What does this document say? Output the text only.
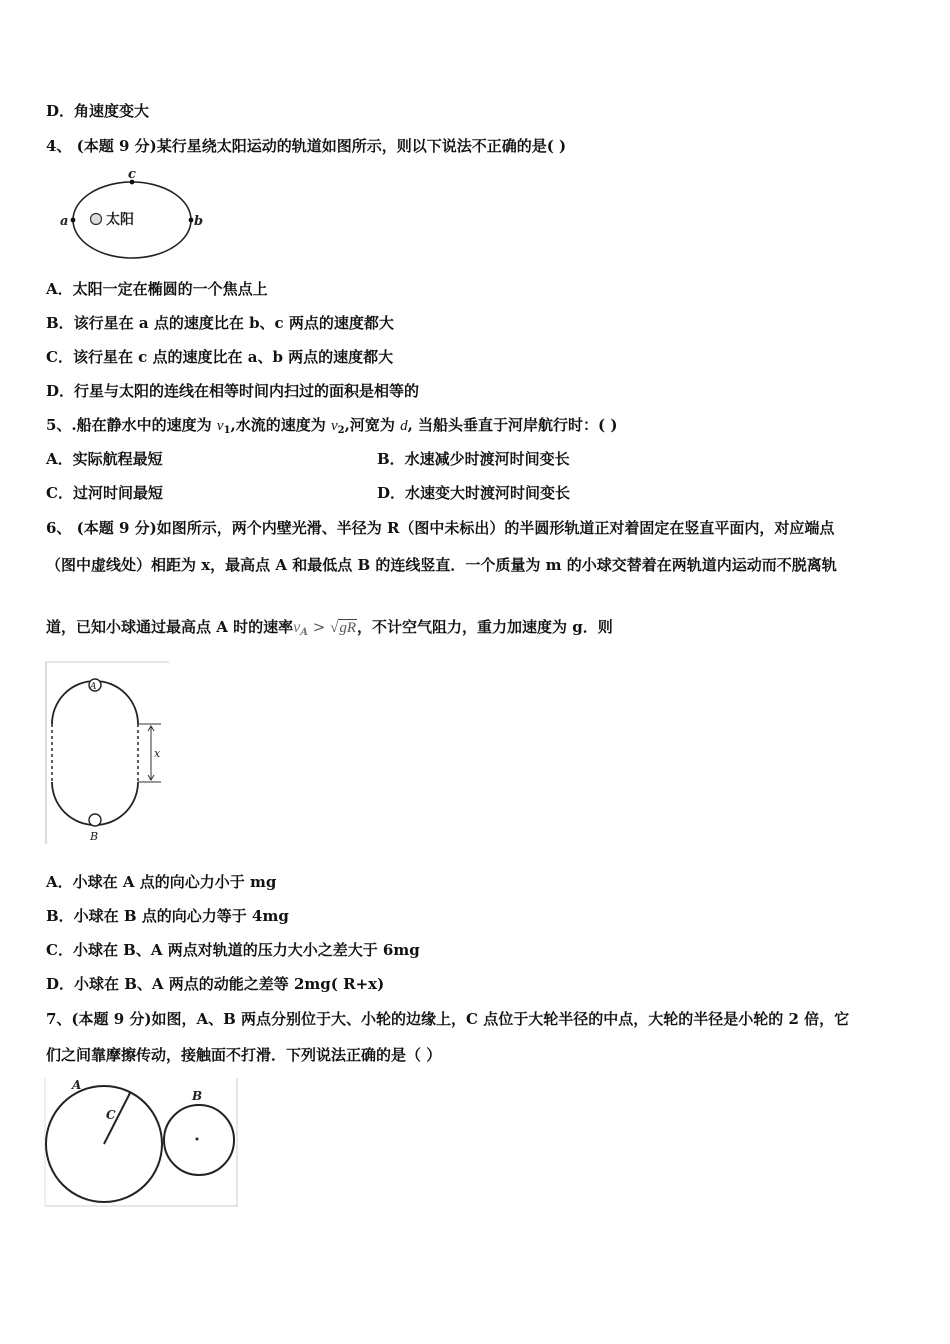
D．角速度变大
4、 (本题 9 分)某行星绕太阳运动的轨道如图所示，则以下说法不正确的是( )
太阳
a	b
c
A．太阳一定在椭圆的一个焦点上
B．该行星在 a 点的速度比在 b、c 两点的速度都大
C．该行星在 c 点的速度比在 a、b 两点的速度都大
D．行星与太阳的连线在相等时间内扫过的面积是相等的
5、.船在静水中的速度为 $v_1$,水流的速度为 $v_2$,河宽为 d, 当船头垂直于河岸航行时：( )
A．实际航程最短	B．水速减少时渡河时间变长
C．过河时间最短	D．水速变大时渡河时间变长
6、 (本题 9 分)如图所示，两个内壁光滑、半径为 R（图中未标出）的半圆形轨道正对着固定在竖直平面内，对应端点
（图中虚线处）相距为 x，最高点 A 和最低点 B 的连线竖直．一个质量为 m 的小球交替着在两轨道内运动而不脱离轨
道，已知小球通过最高点 A 时的速率$v_A > √gR$，不计空气阻力，重力加速度为 g．则
A
B
x
A．小球在 A 点的向心力小于 mg
B．小球在 B 点的向心力等于 4mg
C．小球在 B、A 两点对轨道的压力大小之差大于 6mg
D．小球在 B、A 两点的动能之差等 2mg( R+x)
7、(本题 9 分)如图，A、B 两点分别位于大、小轮的边缘上，C 点位于大轮半径的中点，大轮的半径是小轮的 2 倍，它
们之间靠摩擦传动，接触面不打滑．下列说法正确的是（ ）
A
B
C
